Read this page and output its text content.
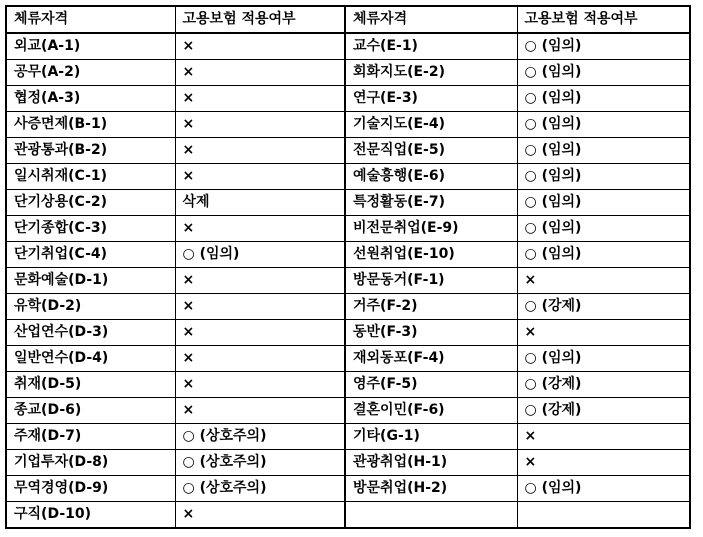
체류자격	고용보험 적용여부	체류자격	고용보험 적용여부
외교(A-1)	×	교수(E-1)	○ (임의)
공무(A-2)	×	회화지도(E-2)	○ (임의)
협정(A-3)	×	연구(E-3)	○ (임의)
사증면제(B-1)	×	기술지도(E-4)	○ (임의)
관광통과(B-2)	×	전문직업(E-5)	○ (임의)
일시취재(C-1)	×	예술흥행(E-6)	○ (임의)
단기상용(C-2)	삭제	특정활동(E-7)	○ (임의)
단기종합(C-3)	×	비전문취업(E-9)	○ (임의)
단기취업(C-4)	○ (임의)	선원취업(E-10)	○ (임의)
문화예술(D-1)	×	방문동거(F-1)	×
유학(D-2)	×	거주(F-2)	○ (강제)
산업연수(D-3)	×	동반(F-3)	×
일반연수(D-4)	×	재외동포(F-4)	○ (임의)
취재(D-5)	×	영주(F-5)	○ (강제)
종교(D-6)	×	결혼이민(F-6)	○ (강제)
주재(D-7)	○ (상호주의)	기타(G-1)	×
기업투자(D-8)	○ (상호주의)	관광취업(H-1)	×
무역경영(D-9)	○ (상호주의)	방문취업(H-2)	○ (임의)
구직(D-10)	×		
